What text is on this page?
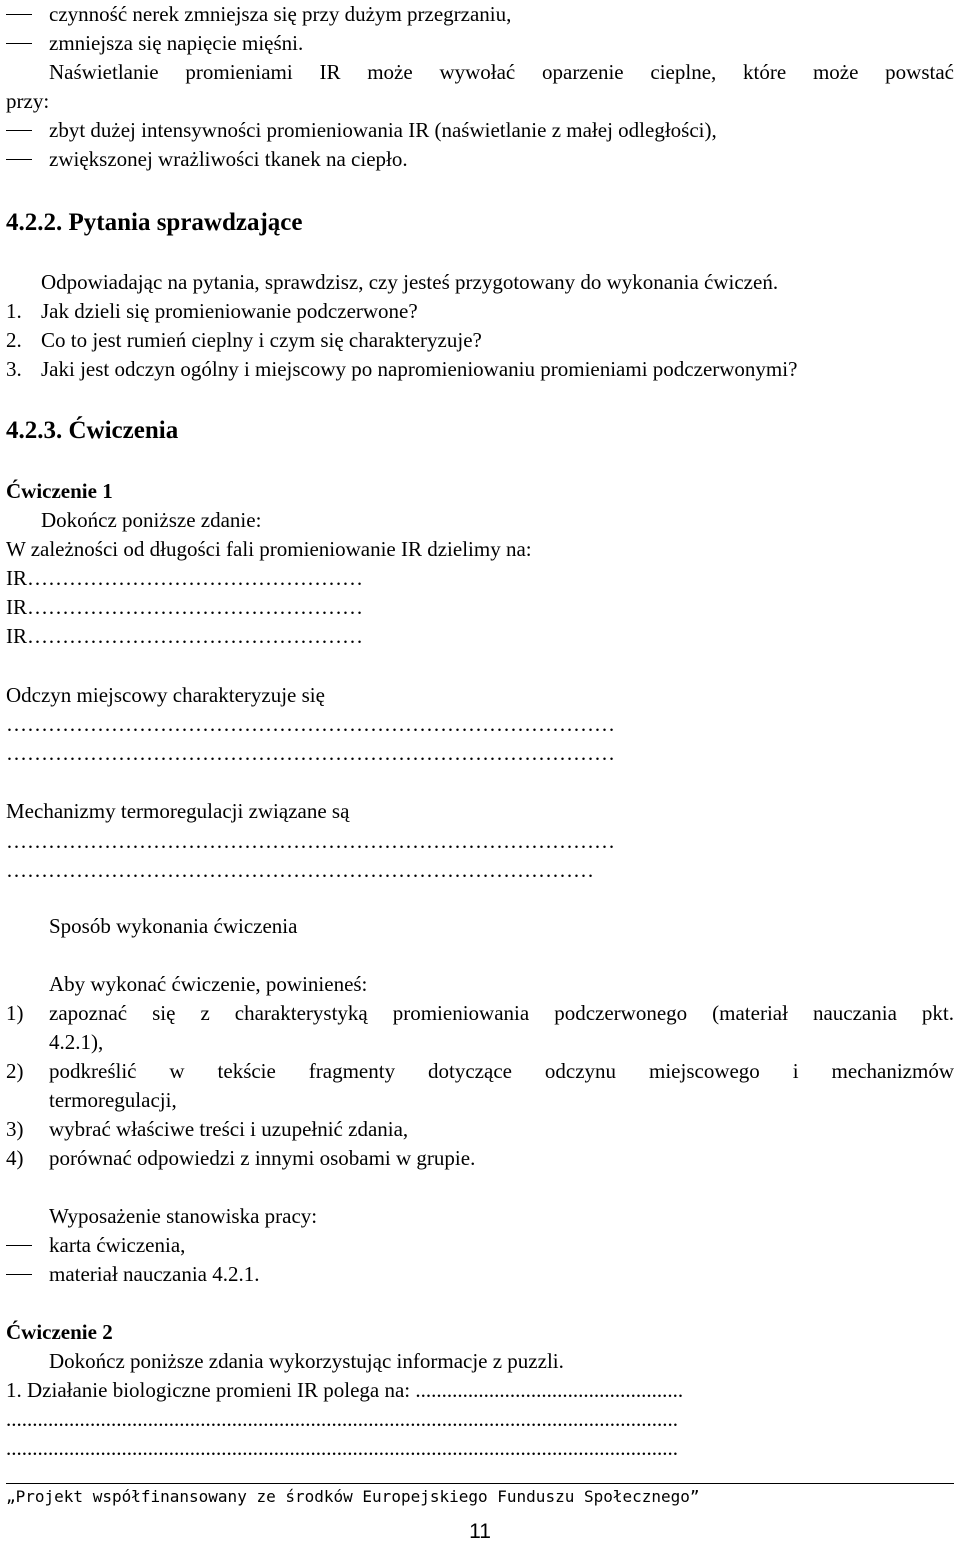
czynność nerek zmniejsza się przy dużym przegrzaniu,
zmniejsza się napięcie mięśni.
Naświetlanie promieniami IR może wywołać oparzenie cieplne, które może powstać
przy:
zbyt dużej intensywności promieniowania IR (naświetlanie z małej odległości),
zwiększonej wrażliwości tkanek na ciepło.
4.2.2. Pytania sprawdzające
Odpowiadając na pytania, sprawdzisz, czy jesteś przygotowany do wykonania ćwiczeń.
1. Jak dzieli się promieniowanie podczerwone?
2. Co to jest rumień cieplny i czym się charakteryzuje?
3. Jaki jest odczyn ogólny i miejscowy po napromieniowaniu promieniami podczerwonymi?
4.2.3. Ćwiczenia
Ćwiczenie 1
Dokończ poniższe zdanie:
W zależności od długości fali promieniowanie IR dzielimy na:
IR…………………………………………
IR…………………………………………
IR…………………………………………
Odczyn miejscowy charakteryzuje się
……………………………………………………………………………
……………………………………………………………………………
Mechanizmy termoregulacji związane są
……………………………………………………………………………
…………………………………………………………………………
Sposób wykonania ćwiczenia
Aby wykonać ćwiczenie, powinieneś:
1) zapoznać się z charakterystyką promieniowania podczerwonego (materiał nauczania pkt.
4.2.1),
2) podkreślić w tekście fragmenty dotyczące odczynu miejscowego i mechanizmów
termoregulacji,
3) wybrać właściwe treści i uzupełnić zdania,
4) porównać odpowiedzi z innymi osobami w grupie.
Wyposażenie stanowiska pracy:
karta ćwiczenia,
materiał nauczania 4.2.1.
Ćwiczenie 2
Dokończ poniższe zdania wykorzystując informacje z puzzli.
1. Działanie biologiczne promieni IR polega na: ...................................................
................................................................................................................................
................................................................................................................................
„Projekt współfinansowany ze środków Europejskiego Funduszu Społecznego”
11
